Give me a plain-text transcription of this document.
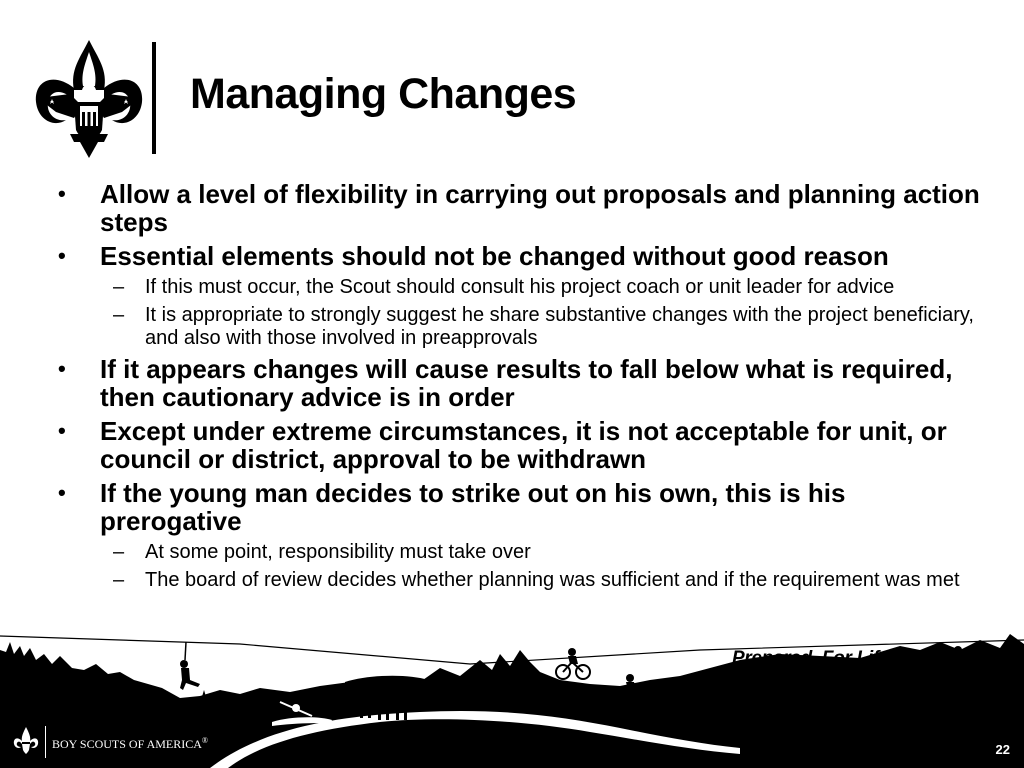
Managing Changes
•	Allow a level of flexibility in carrying out proposals and planning action steps
•	Essential elements should not be changed without good reason
– If this must occur, the Scout should consult his project coach or unit leader for advice
– It is appropriate to strongly suggest he share substantive changes with the project beneficiary, and also with those involved in preapprovals
•	If it appears changes will cause results to fall below what is required, then cautionary advice is in order
•	Except under extreme circumstances, it is not acceptable for unit, or council or district, approval to be withdrawn
•	If the young man decides to strike out on his own, this is his prerogative
– At some point, responsibility must take over
– The board of review decides whether planning was sufficient and if the requirement was met
Prepared. For Life.™
9.0.2.7
BOY SCOUTS OF AMERICA®
22
